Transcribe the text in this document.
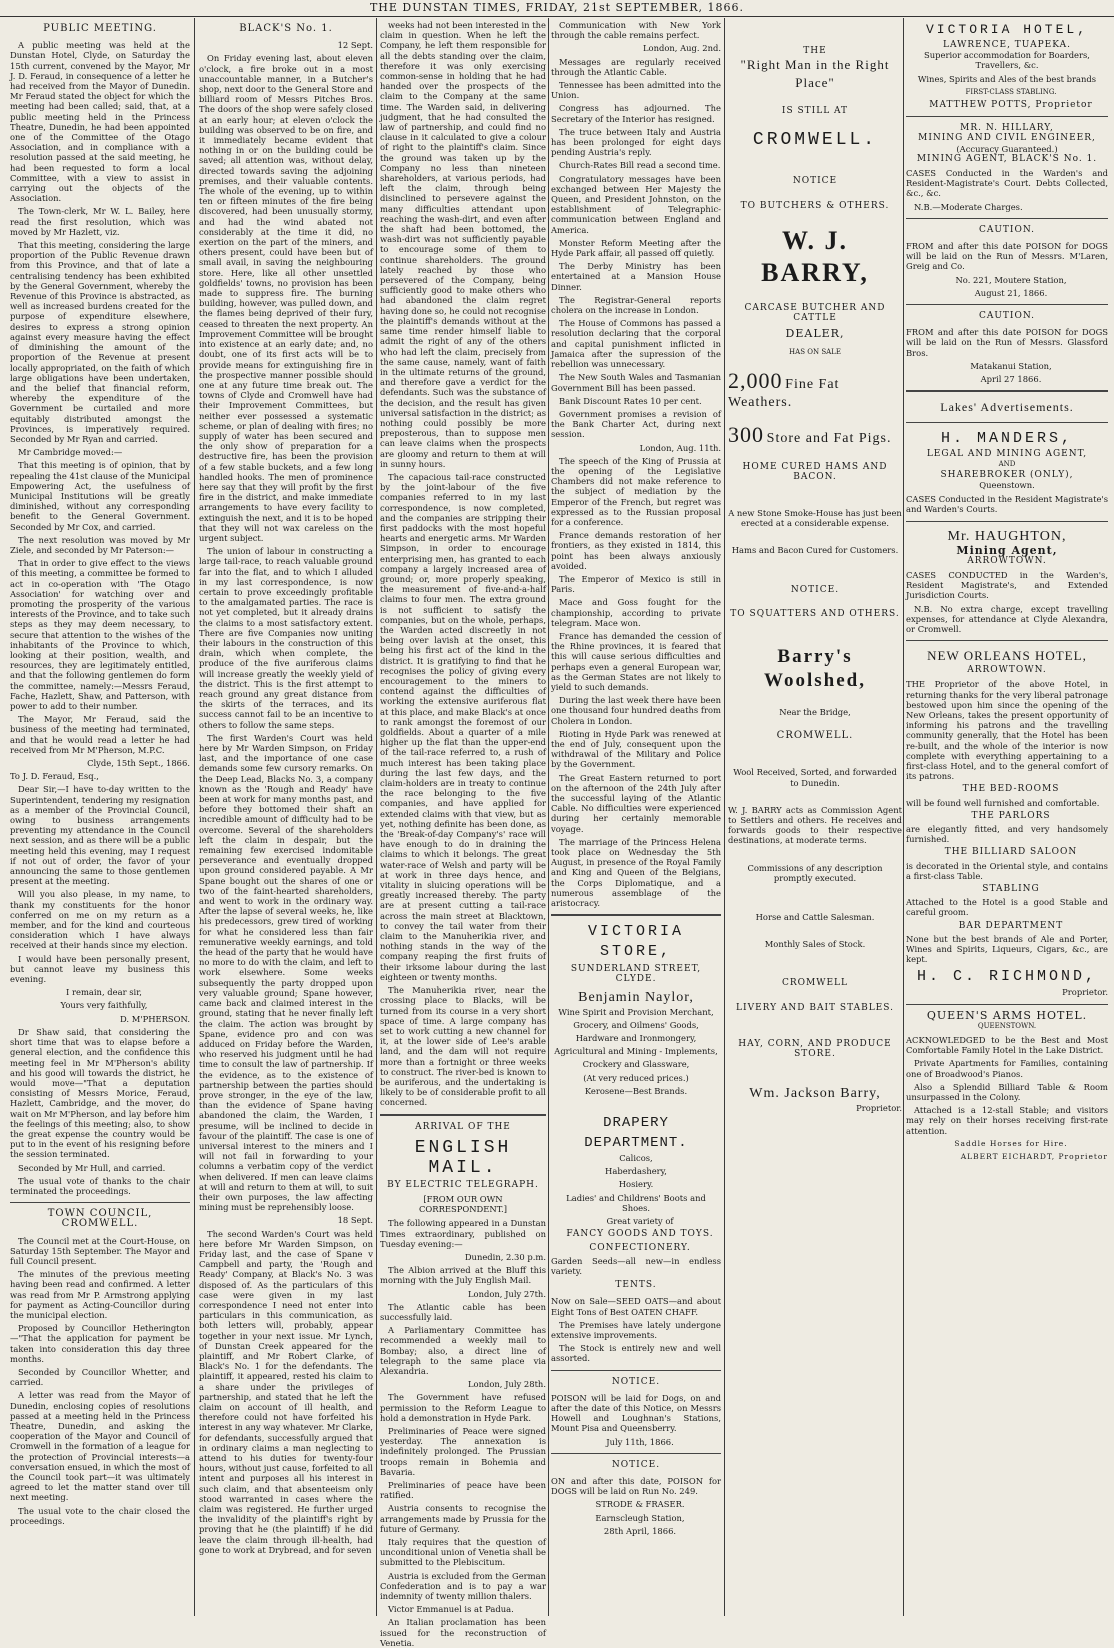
THE DUNSTAN TIMES, FRIDAY, 21st SEPTEMBER, 1866.
PUBLIC MEETING.

A public meeting was held at the Dunstan Hotel, Clyde, on Saturday the 15th current, convened by the Mayor, Mr J. D. Feraud, in consequence of a letter he had received from the Mayor of Dunedin. Mr Feraud stated the object for which the meeting had been called; said, that, at a public meeting held in the Princess Theatre, Dunedin, he had been appointed one of the Committee of the Otago Association, and in compliance with a resolution passed at the said meeting, he had been requested to form a local Committee, with a view to assist in carrying out the objects of the Association.

The Town-clerk, Mr W. L. Bailey, here read the first resolution, which was moved by Mr Hazlett, viz.

That this meeting, considering the large proportion of the Public Revenue drawn from this Province, and that of late a centralising tendency has been exhibited by the General Government, whereby the Revenue of this Province is abstracted, as well as increased burdens created for the purpose of expenditure elsewhere, desires to express a strong opinion against every measure having the effect of diminishing the amount of the proportion of the Revenue at present locally appropriated, on the faith of which large obligations have been undertaken, and the belief that financial reform, whereby the expenditure of the Government be curtailed and more equitably distributed amongst the Provinces, is imperatively required. Seconded by Mr Ryan and carried.

Mr Cambridge moved:—

That this meeting is of opinion, that by repealing the 41st clause of the Municipal Empowering Act, the usefulness of Municipal Institutions will be greatly diminished, without any corresponding benefit to the General Government. Seconded by Mr Cox, and carried.

The next resolution was moved by Mr Ziele, and seconded by Mr Paterson:—

That in order to give effect to the views of this meeting, a committee be formed to act in co-operation with 'The Otago Association' for watching over and promoting the prosperity of the various interests of the Province, and to take such steps as they may deem necessary, to secure that attention to the wishes of the inhabitants of the Province to which, looking at their position, wealth, and resources, they are legitimately entitled, and that the following gentlemen do form the committee, namely:—Messrs Feraud, Fache, Hazlett, Shaw, and Patterson, with power to add to their number.

The Mayor, Mr Feraud, said the business of the meeting had terminated, and that he would read a letter he had received from Mr M'Pherson, M.P.C.

Clyde, 15th Sept., 1866.

To J. D. Feraud, Esq.,

Dear Sir,—I have to-day written to the Superintendent, tendering my resignation as a member of the Provincial Council, owing to business arrangements preventing my attendance in the Council next session, and as there will be a public meeting held this evening, may I request if not out of order, the favor of your announcing the same to those gentlemen present at the meeting.

Will you also please, in my name, to thank my constituents for the honor conferred on me on my return as a member, and for the kind and courteous consideration which I have always received at their hands since my election.

I would have been personally present, but cannot leave my business this evening.

I remain, dear sir,

Yours very faithfully,

D. M'PHERSON.

Dr Shaw said, that considering the short time that was to elapse before a general election, and the confidence this meeting feel in Mr M'Pherson's ability and his good will towards the district, he would move—"That a deputation consisting of Messrs Morice, Feraud, Hazlett, Cambridge, and the mover, do wait on Mr M'Pherson, and lay before him the feelings of this meeting; also, to show the great expense the country would be put to in the event of his resigning before the session terminated.

Seconded by Mr Hull, and carried.

The usual vote of thanks to the chair terminated the proceedings.

TOWN COUNCIL, CROMWELL.

The Council met at the Court-House, on Saturday 15th September. The Mayor and full Council present.

The minutes of the previous meeting having been read and confirmed. A letter was read from Mr P. Armstrong applying for payment as Acting-Councillor during the municipal election.

Proposed by Councillor Hetherington—"That the application for payment be taken into consideration this day three months.

Seconded by Councillor Whetter, and carried.

A letter was read from the Mayor of Dunedin, enclosing copies of resolutions passed at a meeting held in the Princess Theatre, Dunedin, and asking the cooperation of the Mayor and Council of Cromwell in the formation of a league for the protection of Provincial interests—a conversation ensued, in which the most of the Council took part—it was ultimately agreed to let the matter stand over till next meeting.

The usual vote to the chair closed the proceedings.

BLACK'S No. 1.

12 Sept.

On Friday evening last, about eleven o'clock, a fire broke out in a most unaccountable manner, in a Butcher's shop, next door to the General Store and billiard room of Messrs Pitches Bros. The doors of the shop were safely closed at an early hour; at eleven o'clock the building was observed to be on fire, and it immediately became evident that nothing in or on the building could be saved; all attention was, without delay, directed towards saving the adjoining premises, and their valuable contents. The whole of the evening, up to within ten or fifteen minutes of the fire being discovered, had been unusually stormy, and had the wind abated not considerably at the time it did, no exertion on the part of the miners, and others present, could have been but of small avail, in saving the neighbouring store. Here, like all other unsettled goldfields' towns, no provision has been made to suppress fire. The burning building, however, was pulled down, and the flames being deprived of their fury, ceased to threaten the next property. An Improvement Committee will be brought into existence at an early date; and, no doubt, one of its first acts will be to provide means for extinguishing fire in the prospective manner possible should one at any future time break out. The towns of Clyde and Cromwell have had their Improvement Committees, but neither ever possessed a systematic scheme, or plan of dealing with fires; no supply of water has been secured and the only show of preparation for a destructive fire, has been the provision of a few stable buckets, and a few long handled hooks. The men of prominence here say that they will profit by the first fire in the district, and make immediate arrangements to have every facility to extinguish the next, and it is to be hoped that they will not wax careless on the urgent subject.

The union of labour in constructing a large tail-race, to reach valuable ground far into the flat, and to which I alluded in my last correspondence, is now certain to prove exceedingly profitable to the amalgamated parties. The race is not yet completed, but it already drains the claims to a most satisfactory extent. There are five Companies now uniting their labours in the construction of this drain, which when complete, the produce of the five auriferous claims will increase greatly the weekly yield of the district. This is the first attempt to reach ground any great distance from the skirts of the terraces, and its success cannot fail to be an incentive to others to follow the same steps.

The first Warden's Court was held here by Mr Warden Simpson, on Friday last, and the importance of one case demands some few cursory remarks. On the Deep Lead, Blacks No. 3, a company known as the 'Rough and Ready' have been at work for many months past, and before they bottomed their shaft an incredible amount of difficulty had to be overcome. Several of the shareholders left the claim in despair, but the remaining few exercised indomitable perseverance and eventually dropped upon ground considered payable. A Mr Spane bought out the shares of one or two of the faint-hearted shareholders, and went to work in the ordinary way. After the lapse of several weeks, he, like his predecessors, grew tired of working for what he considered less than fair remunerative weekly earnings, and told the head of the party that he would have no more to do with the claim, and left to work elsewhere. Some weeks subsequently the party dropped upon very valuable ground; Spane however, came back and claimed interest in the ground, stating that he never finally left the claim. The action was brought by Spane, evidence pro and con was adduced on Friday before the Warden, who reserved his judgment until he had time to consult the law of partnership. If the evidence, as to the existence of partnership between the parties should prove stronger, in the eye of the law, than the evidence of Spane having abandoned the claim, the Warden, I presume, will be inclined to decide in favour of the plaintiff. The case is one of universal interest to the miners and I will not fail in forwarding to your columns a verbatim copy of the verdict when delivered. If men can leave claims at will and return to them at will, to suit their own purposes, the law affecting mining must be reprehensibly loose.

18 Sept.

The second Warden's Court was held here before Mr Warden Simpson, on Friday last, and the case of Spane v Campbell and party, the 'Rough and Ready' Company, at Black's No. 3 was disposed of. As the particulars of this case were given in my last correspondence I need not enter into particulars in this communication, as both letters will, probably, appear together in your next issue. Mr Lynch, of Dunstan Creek appeared for the plaintiff, and Mr Robert Clarke, of Black's No. 1 for the defendants. The plaintiff, it appeared, rested his claim to a share under the privileges of partnership, and stated that he left the claim on account of ill health, and therefore could not have forfeited his interest in any way whatever. Mr Clarke, for defendants, successfully argued that in ordinary claims a man neglecting to attend to his duties for twenty-four hours, without just cause, forfeited to all intent and purposes all his interest in such claim, and that absenteeism only stood warranted in cases where the claim was registered. He further urged the invalidity of the plaintiff's right by proving that he (the plaintiff) if he did leave the claim through ill-health, had gone to work at Drybread, and for seven

weeks had not been interested in the claim in question. When he left the Company, he left them responsible for all the debts standing over the claim, therefore it was only exercising common-sense in holding that he had handed over the prospects of the claim to the Company at the same time. The Warden said, in delivering judgment, that he had consulted the law of partnership, and could find no clause in it calculated to give a colour of right to the plaintiff's claim. Since the ground was taken up by the Company no less than nineteen shareholders, at various periods, had left the claim, through being disinclined to persevere against the many difficulties attendant upon reaching the wash-dirt, and even after the shaft had been bottomed, the wash-dirt was not sufficiently payable to encourage some of them to continue shareholders. The ground lately reached by those who persevered of the Company, being sufficiently good to make others who had abandoned the claim regret having done so, he could not recognise the plaintiff's demands without at the same time render himself liable to admit the right of any of the others who had left the claim, precisely from the same cause, namely, want of faith in the ultimate returns of the ground, and therefore gave a verdict for the defendants. Such was the substance of the decision, and the result has given universal satisfaction in the district; as nothing could possibly be more preposterous, than to suppose men can leave claims when the prospects are gloomy and return to them at will in sunny hours.

The capacious tail-race constructed by the joint-labour of the five companies referred to in my last correspondence, is now completed, and the companies are stripping their first paddocks with the most hopeful hearts and energetic arms. Mr Warden Simpson, in order to encourage enterprising men, has granted to each company a largely increased area of ground; or, more properly speaking, the measurement of five-and-a-half claims to four men. The extra ground is not sufficient to satisfy the companies, but on the whole, perhaps, the Warden acted discreetly in not being over lavish at the onset, this being his first act of the kind in the district. It is gratifying to find that he recognises the policy of giving every encouragement to the miners to contend against the difficulties of working the extensive auriferous flat at this place, and make Black's at once to rank amongst the foremost of our goldfields. About a quarter of a mile higher up the flat than the upper-end of the tail-race referred to, a rush of much interest has been taking place during the last few days, and the claim-holders are in treaty to continue the race belonging to the five companies, and have applied for extended claims with that view, but as yet, nothing definite has been done, as the 'Break-of-day Company's' race will have enough to do in draining the claims to which it belongs. The great water-race of Welsh and party will be at work in three days hence, and vitality in sluicing operations will be greatly increased thereby. The party are at present cutting a tail-race across the main street at Blacktown, to convey the tail water from their claim to the Manuherikia river, and nothing stands in the way of the company reaping the first fruits of their irksome labour during the last eighteen or twenty months.

The Manuherikia river, near the crossing place to Blacks, will be turned from its course in a very short space of time. A large company has set to work cutting a new channel for it, at the lower side of Lee's arable land, and the dam will not require more than a fortnight or three weeks to construct. The river-bed is known to be auriferous, and the undertaking is likely to be of considerable profit to all concerned.

ARRIVAL OF THE
ENGLISH MAIL.
BY ELECTRIC TELEGRAPH.
[FROM OUR OWN CORRESPONDENT.]

The following appeared in a Dunstan Times extraordinary, published on Tuesday evening:—

Dunedin, 2.30 p.m.

The Albion arrived at the Bluff this morning with the July English Mail.

London, July 27th.

The Atlantic cable has been successfully laid.

A Parliamentary Committee has recommended a weekly mail to Bombay; also, a direct line of telegraph to the same place via Alexandria.

London, July 28th.

The Government have refused permission to the Reform League to hold a demonstration in Hyde Park.

Preliminaries of Peace were signed yesterday. The annexation is indefinitely prolonged. The Prussian troops remain in Bohemia and Bavaria.

Preliminaries of peace have been ratified.

Austria consents to recognise the arrangements made by Prussia for the future of Germany.

Italy requires that the question of unconditional union of Venetia shall be submitted to the Plebiscitum.

Austria is excluded from the German Confederation and is to pay a war indemnity of twenty million thalers.

Victor Emmanuel is at Padua.

An Italian proclamation has been issued for the reconstruction of Venetia.

Communication with New York through the cable remains perfect.

London, Aug. 2nd.

Messages are regularly received through the Atlantic Cable.

Tennessee has been admitted into the Union.

Congress has adjourned. The Secretary of the Interior has resigned.

The truce between Italy and Austria has been prolonged for eight days pending Austria's reply.

Church-Rates Bill read a second time.

Congratulatory messages have been exchanged between Her Majesty the Queen, and President Johnston, on the establishment of Telegraphic-communication between England and America.

Monster Reform Meeting after the Hyde Park affair, all passed off quietly.

The Derby Ministry has been entertained at a Mansion House Dinner.

The Registrar-General reports cholera on the increase in London.

The House of Commons has passed a resolution declaring that the corporal and capital punishment inflicted in Jamaica after the supression of the rebellion was unnecessary.

The New South Wales and Tasmanian Government Bill has been passed.

Bank Discount Rates 10 per cent.

Government promises a revision of the Bank Charter Act, during next session.

London, Aug. 11th.

The speech of the King of Prussia at the opening of the Legislative Chambers did not make reference to the subject of mediation by the Emperor of the French, but regret was expressed as to the Russian proposal for a conference.

France demands restoration of her frontiers, as they existed in 1814, this point has been always anxiously avoided.

The Emperor of Mexico is still in Paris.

Mace and Goss fought for the championship, according to private telegram. Mace won.

France has demanded the cession of the Rhine provinces, it is feared that this will cause serious difficulties and perhaps even a general European war, as the German States are not likely to yield to such demands.

During the last week there have been one thousand four hundred deaths from Cholera in London.

Rioting in Hyde Park was renewed at the end of July, consequent upon the withdrawal of the Military and Police by the Government.

The Great Eastern returned to port on the afternoon of the 24th July after the successful laying of the Atlantic Cable. No difficulties were experienced during her certainly memorable voyage.

The marriage of the Princess Helena took place on Wednesday the 5th August, in presence of the Royal Family and King and Queen of the Belgians, the Corps Diplomatique, and a numerous assemblage of the aristocracy.

VICTORIA STORE,
SUNDERLAND STREET, CLYDE.
Benjamin Naylor,

Wine Spirit and Provision Merchant,

Grocery, and Oilmens' Goods,

Hardware and Ironmongery,

Agricultural and Mining - Implements,

Crockery and Glassware,

(At very reduced prices.)

Kerosene—Best Brands.

DRAPERY DEPARTMENT.

Calicos,

Haberdashery,

Hosiery.

Ladies' and Childrens' Boots and Shoes.

Great variety of

FANCY GOODS AND TOYS.

CONFECTIONERY.

Garden Seeds—all new—in endless variety.

TENTS.

Now on Sale—SEED OATS—and about Eight Tons of Best OATEN CHAFF.

The Premises have lately undergone extensive improvements.

The Stock is entirely new and well assorted.

NOTICE.

POISON will be laid for Dogs, on and after the date of this Notice, on Messrs Howell and Loughnan's Stations, Mount Pisa and Queensberry.

July 11th, 1866.

NOTICE.

ON and after this date, POISON for DOGS will be laid on Run No. 249.

STRODE & FRASER.

Earnscleugh Station,

28th April, 1866.

THE
"Right Man in the Right Place"
IS STILL AT
CROMWELL.
NOTICE
TO BUTCHERS & OTHERS.
W. J. BARRY,
CARCASE BUTCHER AND CATTLE
DEALER,
HAS ON SALE
2,000 Fine Fat Weathers.
300 Store and Fat Pigs.
HOME CURED HAMS AND BACON.

A new Stone Smoke-House has just been erected at a considerable expense.

Hams and Bacon Cured for Customers.

NOTICE.
TO SQUATTERS AND OTHERS.
Barry's Woolshed,
Near the Bridge,
CROMWELL.

Wool Received, Sorted, and forwarded to Dunedin.

W. J. BARRY acts as Commission Agent to Settlers and others. He receives and forwards goods to their respective destinations, at moderate terms.

Commissions of any description promptly executed.

Horse and Cattle Salesman.

Monthly Sales of Stock.

CROMWELL
LIVERY AND BAIT STABLES.
HAY, CORN, AND PRODUCE STORE.
Wm. Jackson Barry,
Proprietor.
VICTORIA HOTEL,
LAWRENCE, TUAPEKA.

Superior accommodation for Boarders, Travellers, &c.

Wines, Spirits and Ales of the best brands

FIRST-CLASS STABLING.

MATTHEW POTTS, Proprietor

MR. N. HILLARY,
MINING AND CIVIL ENGINEER,
(Accuracy Guaranteed.)
MINING AGENT, BLACK'S No. 1.

CASES Conducted in the Warden's and Resident-Magistrate's Court. Debts Collected, &c., &c.

N.B.—Moderate Charges.

CAUTION.

FROM and after this date POISON for DOGS will be laid on the Run of Messrs. M'Laren, Greig and Co.

No. 221, Moutere Station,

August 21, 1866.

CAUTION.

FROM and after this date POISON for DOGS will be laid on the Run of Messrs. Glassford Bros.

Matakanui Station,

April 27 1866.

Lakes' Advertisements.
H. MANDERS,
LEGAL AND MINING AGENT,
AND
SHAREBROKER (ONLY),
Queenstown.

CASES Conducted in the Resident Magistrate's and Warden's Courts.

Mr. HAUGHTON,
Mining Agent,
ARROWTOWN.

CASES CONDUCTED in the Warden's, Resident Magistrate's, and Extended Jurisdiction Courts.

N.B. No extra charge, except travelling expenses, for attendance at Clyde Alexandra, or Cromwell.

NEW ORLEANS HOTEL,
ARROWTOWN.

THE Proprietor of the above Hotel, in returning thanks for the very liberal patronage bestowed upon him since the opening of the New Orleans, takes the present opportunity of informing his patrons and the travelling community generally, that the Hotel has been re-built, and the whole of the interior is now complete with everything appertaining to a first-class Hotel, and to the general comfort of its patrons.

THE BED-ROOMS

will be found well furnished and comfortable.

THE PARLORS

are elegantly fitted, and very handsomely furnished.

THE BILLIARD SALOON

is decorated in the Oriental style, and contains a first-class Table.

STABLING

Attached to the Hotel is a good Stable and careful groom.

BAR DEPARTMENT

None but the best brands of Ale and Porter, Wines and Spirits, Liqueurs, Cigars, &c., are kept.

H. C. RICHMOND,

Proprietor.

QUEEN'S ARMS HOTEL.
QUEENSTOWN.

ACKNOWLEDGED to be the Best and Most Comfortable Family Hotel in the Lake District.

Private Apartments for Families, containing one of Broadwood's Pianos.

Also a Splendid Billiard Table & Room unsurpassed in the Colony.

Attached is a 12-stall Stable; and visitors may rely on their horses receiving first-rate attention.

Saddle Horses for Hire.

ALBERT EICHARDT, Proprietor
